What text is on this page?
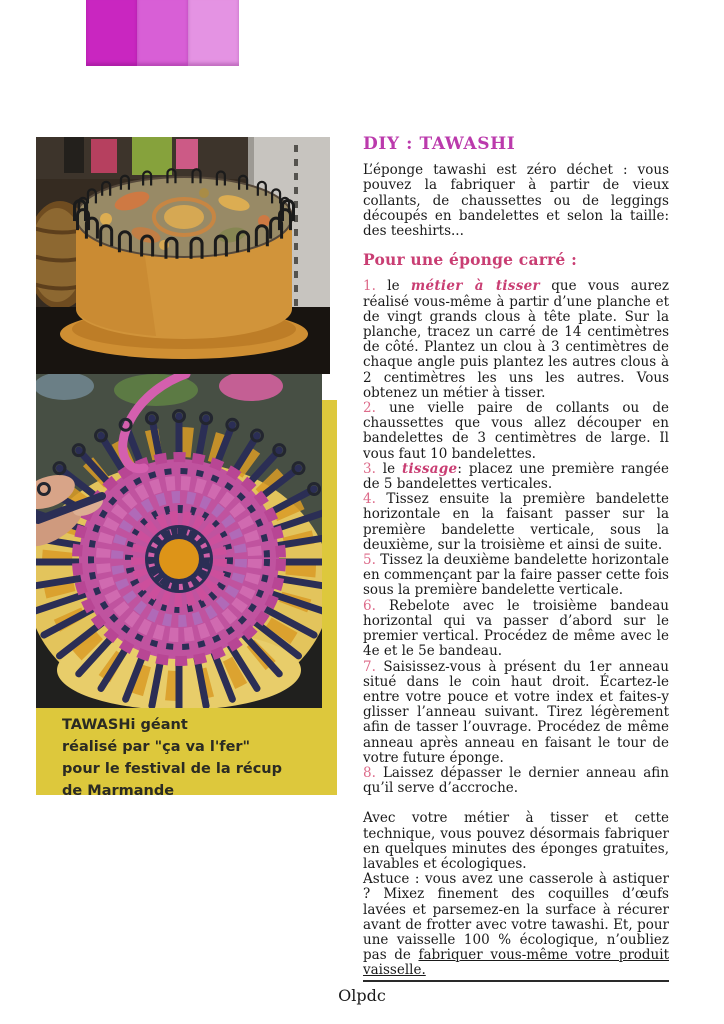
TAWASHi géant
réalisé par "ça va l'fer"
pour le festival de la récup
de Marmande
DIY : TAWASHI

L’éponge tawashi est zéro déchet : vous pouvez la fabriquer à partir de vieux collants, de chaussettes ou de leggings découpés en bandelettes et selon la taille: des teeshirts...

Pour une éponge carré :

1. le métier à tisser que vous aurez réalisé vous-même à partir d’une planche et de vingt grands clous à tête plate. Sur la planche, tracez un carré de 14 centimètres de côté. Plantez un clou à 3 centimètres de chaque angle puis plantez les autres clous à 2 centimètres les uns les autres. Vous obtenez un métier à tisser.

2. une vielle paire de collants ou de chaussettes que vous allez découper en bandelettes de 3 centimètres de large. Il vous faut 10 bandelettes.

3. le tissage: placez une première rangée de 5 bandelettes verticales.

4. Tissez ensuite la première bandelette horizontale en la faisant passer sur la première bandelette verticale, sous la deuxième, sur la troisième et ainsi de suite.

5. Tissez la deuxième bandelette horizontale en commençant par la faire passer cette fois sous la première bandelette verticale.

6. Rebelote avec le troisième bandeau horizontal qui va passer d’abord sur le premier vertical. Procédez de même avec le 4e et le 5e bandeau.

7. Saisissez-vous à présent du 1er anneau situé dans le coin haut droit. Écartez-le entre votre pouce et votre index et faites-y glisser l’anneau suivant. Tirez légèrement afin de tasser l’ouvrage. Procédez de même anneau après anneau en faisant le tour de votre future éponge.

8. Laissez dépasser le dernier anneau afin qu’il serve d’accroche.

Avec votre métier à tisser et cette technique, vous pouvez désormais fabriquer en quelques minutes des éponges gratuites, lavables et écologiques.

Astuce : vous avez une casserole à astiquer ? Mixez finement des coquilles d’œufs lavées et parsemez-en la surface à récurer avant de frotter avec votre tawashi. Et, pour une vaisselle 100 % écologique, n’oubliez pas de fabriquer vous-même votre produit vaisselle.

Olpdc
